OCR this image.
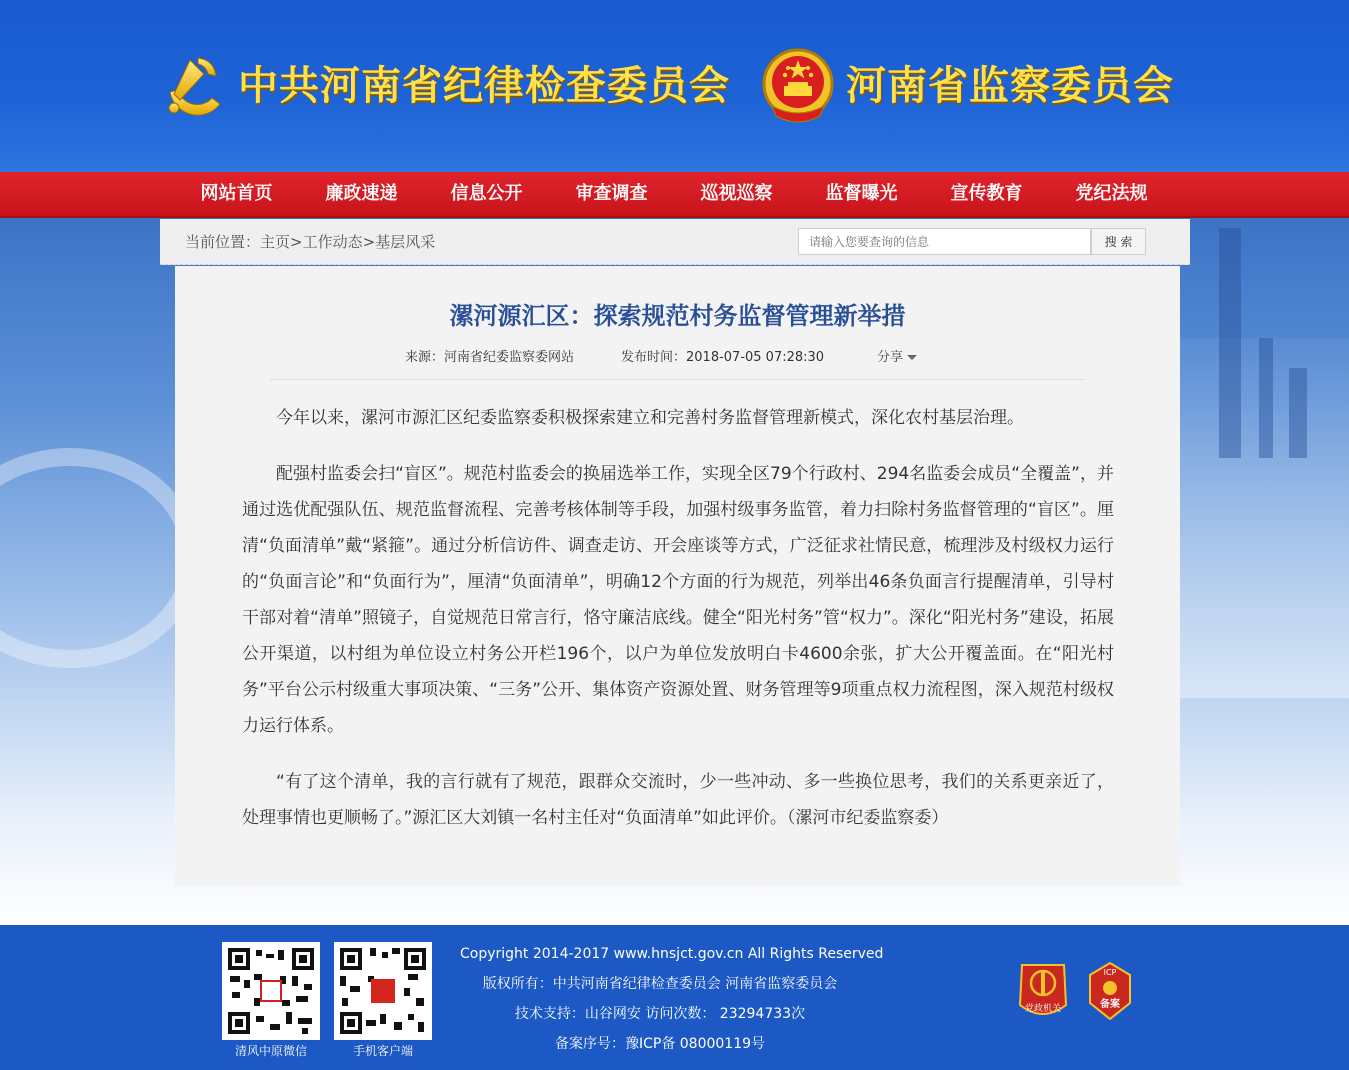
中共河南省纪律检查委员会	河南省监察委员会
网站首页	廉政速递	信息公开	审查调查	巡视巡察	监督曝光	宣传教育	党纪法规
当前位置：主页>工作动态>基层风采
请输入您要查询的信息	搜 索
漯河源汇区：探索规范村务监督管理新举措
来源：河南省纪委监察委网站	发布时间：2018-07-05 07:28:30	分享

今年以来，漯河市源汇区纪委监察委积极探索建立和完善村务监督管理新模式，深化农村基层治理。

配强村监委会扫“盲区”。规范村监委会的换届选举工作，实现全区79个行政村、294名监委会成员“全覆盖”，并通过选优配强队伍、规范监督流程、完善考核体制等手段，加强村级事务监管，着力扫除村务监督管理的“盲区”。厘清“负面清单”戴“紧箍”。通过分析信访件、调查走访、开会座谈等方式，广泛征求社情民意，梳理涉及村级权力运行的“负面言论”和“负面行为”，厘清“负面清单”，明确12个方面的行为规范，列举出46条负面言行提醒清单，引导村干部对着“清单”照镜子，自觉规范日常言行，恪守廉洁底线。健全“阳光村务”管“权力”。深化“阳光村务”建设，拓展公开渠道，以村组为单位设立村务公开栏196个，以户为单位发放明白卡4600余张，扩大公开覆盖面。在“阳光村务”平台公示村级重大事项决策、“三务”公开、集体资产资源处置、财务管理等9项重点权力流程图，深入规范村级权力运行体系。

“有了这个清单，我的言行就有了规范，跟群众交流时，少一些冲动、多一些换位思考，我们的关系更亲近了，处理事情也更顺畅了。”源汇区大刘镇一名村主任对“负面清单”如此评价。（漯河市纪委监察委）

清风中原微信	手机客户端
Copyright 2014-2017 www.hnsjct.gov.cn All Rights Reserved
版权所有：中共河南省纪律检查委员会 河南省监察委员会
技术支持：山谷网安 访问次数： 23294733次
备案序号：豫ICP备 08000119号
党政机关
ICP
备案
